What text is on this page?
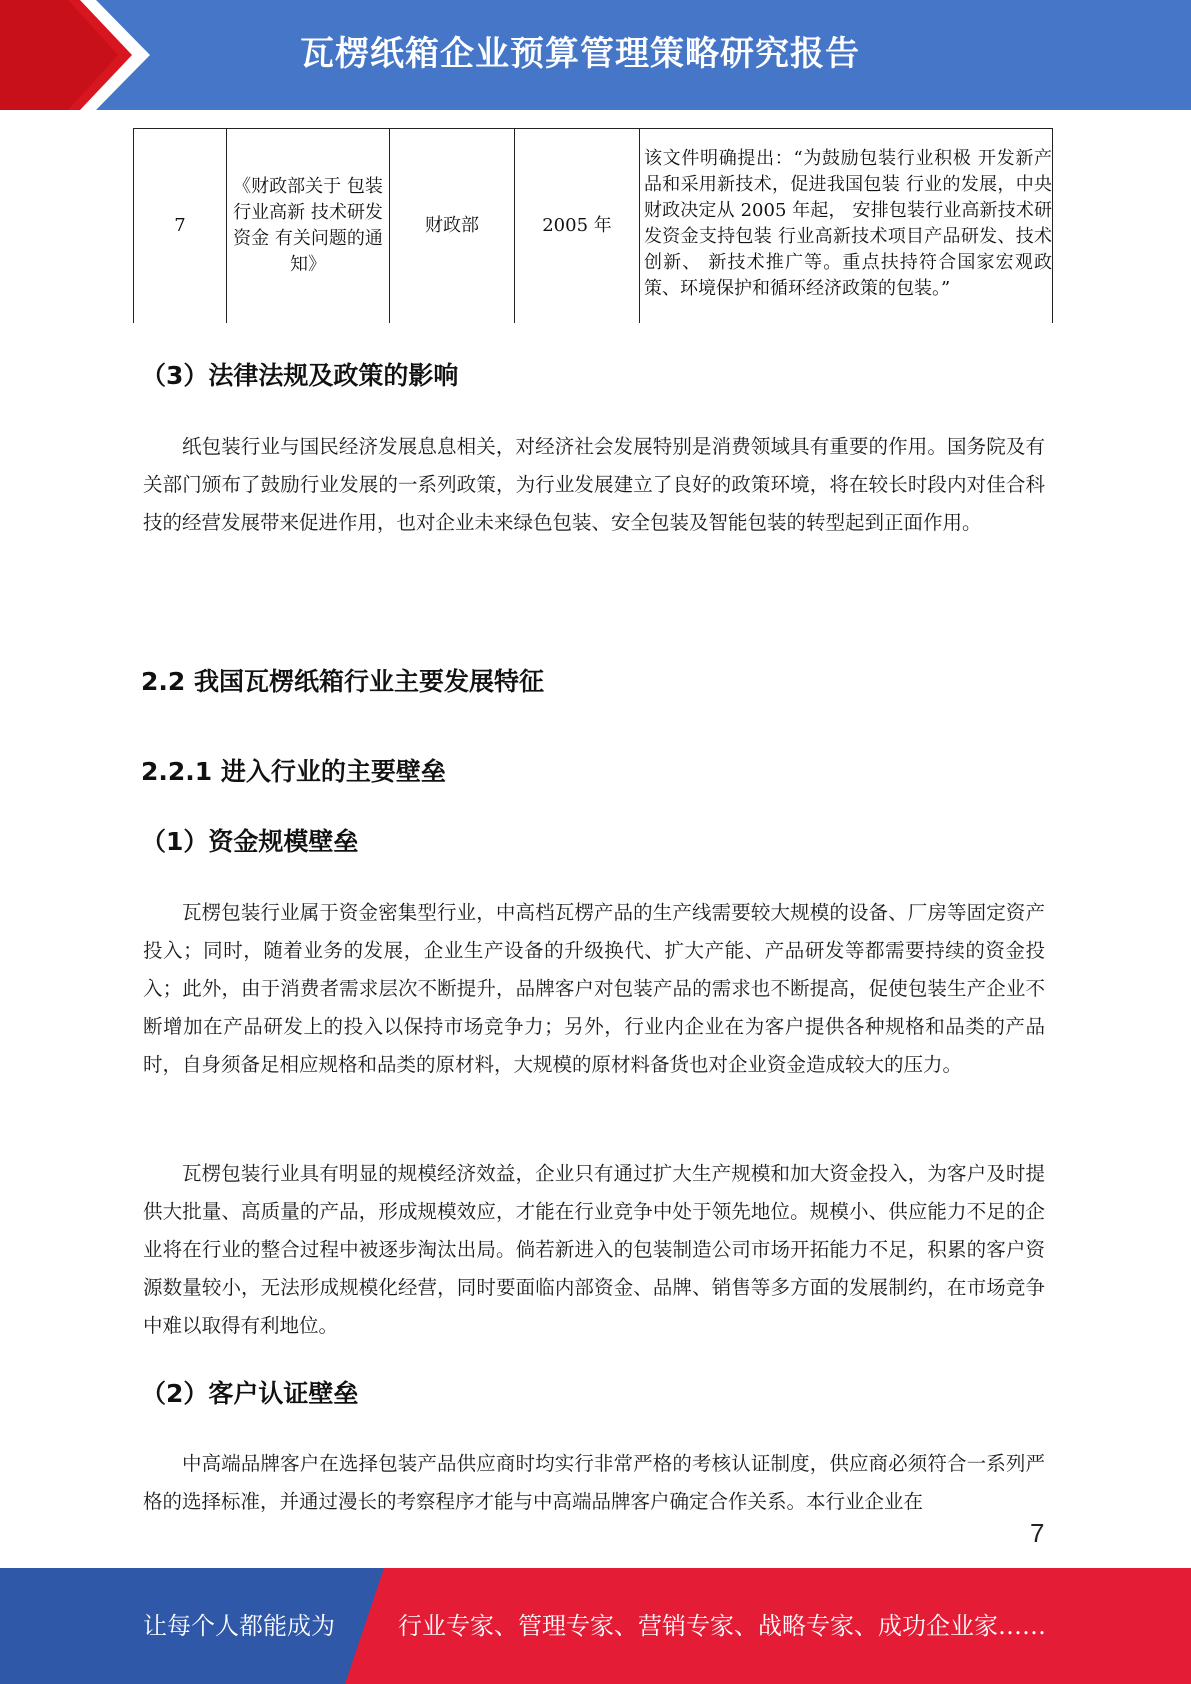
瓦楞纸箱企业预算管理策略研究报告
7	《财政部关于 包装行业高新 技术研发资金 有关问题的通 知》	财政部	2005 年	该文件明确提出：“为鼓励包装行业积极 开发新产品和采用新技术，促进我国包装 行业的发展，中央财政决定从 2005 年起， 安排包装行业高新技术研发资金支持包装 行业高新技术项目产品研发、技术创新、 新技术推广等。重点扶持符合国家宏观政 策、环境保护和循环经济政策的包装。”
（3）法律法规及政策的影响
纸包装行业与国民经济发展息息相关，对经济社会发展特别是消费领域具有重要的作用。国务院及有关部门颁布了鼓励行业发展的一系列政策，为行业发展建立了良好的政策环境，将在较长时段内对佳合科技的经营发展带来促进作用，也对企业未来绿色包装、安全包装及智能包装的转型起到正面作用。
2.2 我国瓦楞纸箱行业主要发展特征
2.2.1 进入行业的主要壁垒
（1）资金规模壁垒
瓦楞包装行业属于资金密集型行业，中高档瓦楞产品的生产线需要较大规模的设备、厂房等固定资产投入；同时，随着业务的发展，企业生产设备的升级换代、扩大产能、产品研发等都需要持续的资金投入；此外，由于消费者需求层次不断提升，品牌客户对包装产品的需求也不断提高，促使包装生产企业不断增加在产品研发上的投入以保持市场竞争力；另外，行业内企业在为客户提供各种规格和品类的产品时，自身须备足相应规格和品类的原材料，大规模的原材料备货也对企业资金造成较大的压力。
瓦楞包装行业具有明显的规模经济效益，企业只有通过扩大生产规模和加大资金投入，为客户及时提供大批量、高质量的产品，形成规模效应，才能在行业竞争中处于领先地位。规模小、供应能力不足的企业将在行业的整合过程中被逐步淘汰出局。倘若新进入的包装制造公司市场开拓能力不足，积累的客户资源数量较小，无法形成规模化经营，同时要面临内部资金、品牌、销售等多方面的发展制约，在市场竞争中难以取得有利地位。
（2）客户认证壁垒
中高端品牌客户在选择包装产品供应商时均实行非常严格的考核认证制度，供应商必须符合一系列严格的选择标准，并通过漫长的考察程序才能与中高端品牌客户确定合作关系。本行业企业在
7
让每个人都能成为	行业专家、管理专家、营销专家、战略专家、成功企业家……
